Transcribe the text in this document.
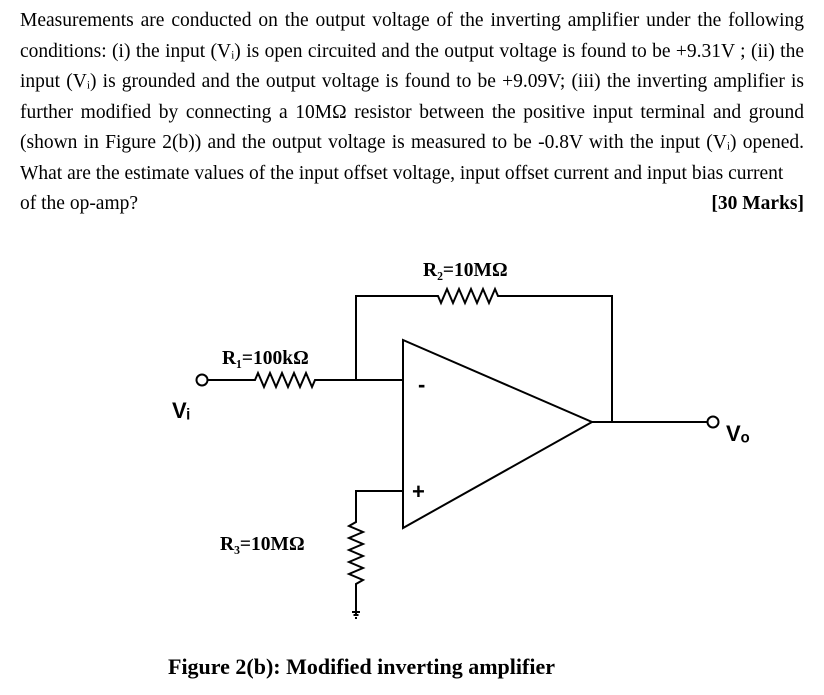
Measurements are conducted on the output voltage of the inverting amplifier under the following conditions: (i) the input (Vᵢ) is open circuited and the output voltage is found to be +9.31V ; (ii) the input (Vᵢ) is grounded and the output voltage is found to be +9.09V; (iii) the inverting amplifier is further modified by connecting a 10MΩ resistor between the positive input terminal and ground (shown in Figure 2(b)) and the output voltage is measured to be -0.8V with the input (Vᵢ) opened. What are the estimate values of the input offset voltage, input offset current and input bias current
of the op-amp?	[30 Marks]
-
+
R₂=10MΩ
R₁=100kΩ
R₃=10MΩ
Vᵢ
Vₒ
Figure 2(b): Modified inverting amplifier
